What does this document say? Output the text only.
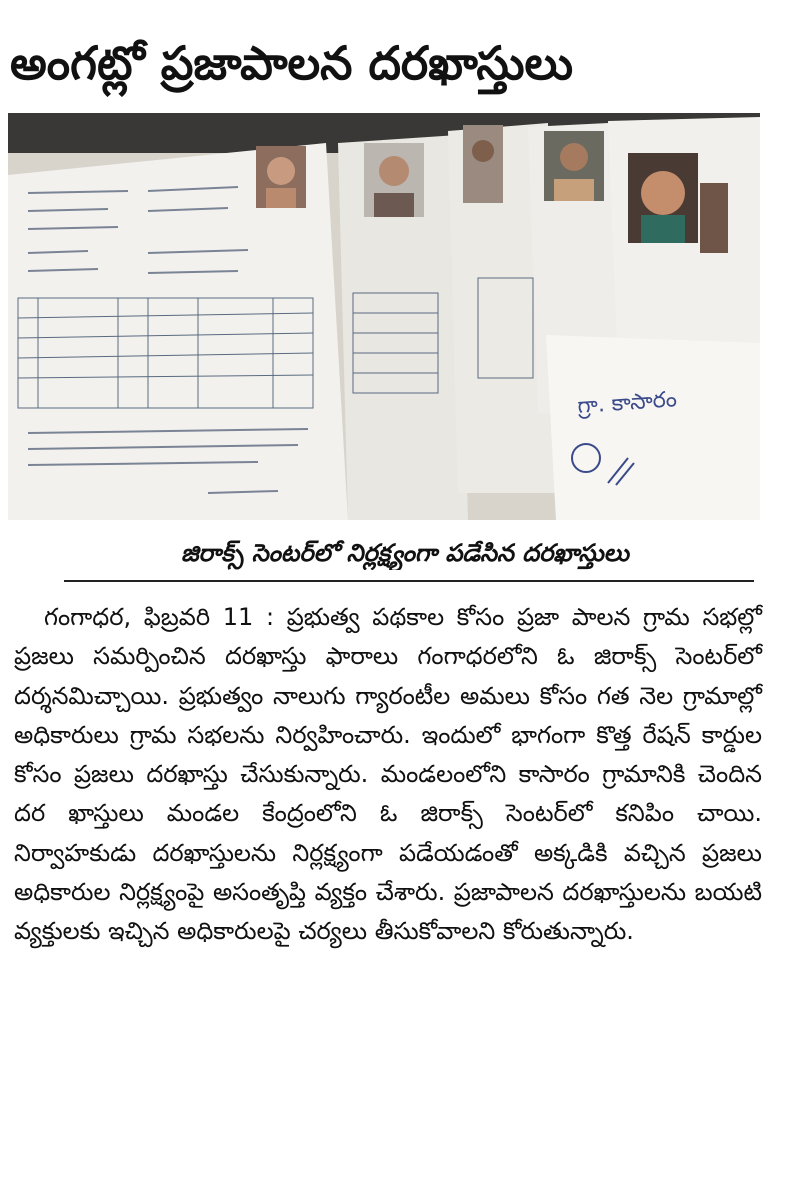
అంగట్లో ప్రజాపాలన దరఖాస్తులు
గ్రా. కాసారం
జిరాక్స్ సెంటర్‌లో నిర్లక్ష్యంగా పడేసిన దరఖాస్తులు

గంగాధర, ఫిబ్రవరి 11 : ప్రభుత్వ పథకాల కోసం ప్రజా పాలన గ్రామ సభల్లో ప్రజలు సమర్పించిన దరఖాస్తు ఫారాలు గంగాధరలోని ఓ జిరాక్స్ సెంటర్‌లో దర్శనమిచ్చాయి. ప్రభుత్వం నాలుగు గ్యారంటీల అమలు కోసం గత నెల గ్రామాల్లో అధికారులు గ్రామ సభలను నిర్వహించారు. ఇందులో భాగంగా కొత్త రేషన్ కార్డుల కోసం ప్రజలు దరఖాస్తు చేసుకున్నారు. మండలంలోని కాసారం గ్రామానికి చెందిన దర ఖాస్తులు మండల కేంద్రంలోని ఓ జిరాక్స్ సెంటర్‌లో కనిపిం చాయి. నిర్వాహకుడు దరఖాస్తులను నిర్లక్ష్యంగా పడేయడంతో అక్కడికి వచ్చిన ప్రజలు అధికారుల నిర్లక్ష్యంపై అసంతృప్తి వ్యక్తం చేశారు. ప్రజాపాలన దరఖాస్తులను బయటి వ్యక్తులకు ఇచ్చిన అధికారులపై చర్యలు తీసుకోవాలని కోరుతున్నారు.
